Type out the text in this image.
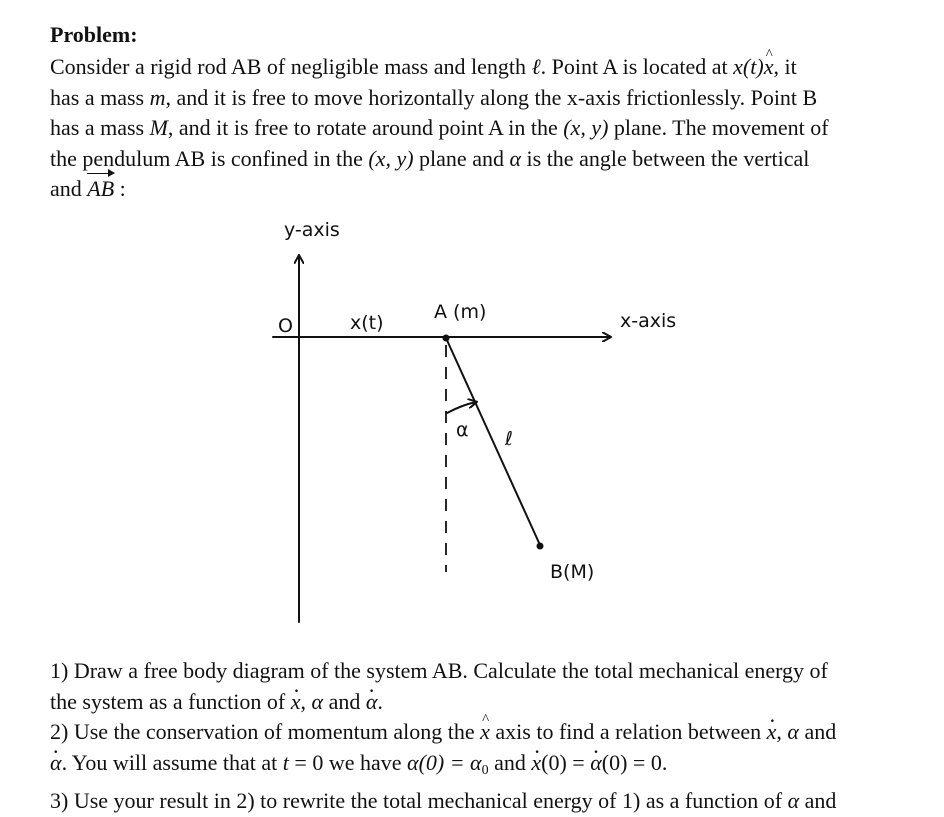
Problem:

Consider a rigid rod AB of negligible mass and length ℓ. Point A is located at x(t)x ^, it
has a mass m, and it is free to move horizontally along the x-axis frictionlessly. Point B
has a mass M, and it is free to rotate around point A in the (x, y) plane. The movement of
the pendulum AB is confined in the (x, y) plane and α is the angle between the vertical
and AB :

y-axis
O	x(t)	A (m)	x-axis
α ℓ
B(M)

1) Draw a free body diagram of the system AB. Calculate the total mechanical energy of
the system as a function of x ., α and α ..
2) Use the conservation of momentum along the x ^ axis to find a relation between x ., α and
α .. You will assume that at t = 0 we have $\alpha(0) = \alpha_0$ and x .(0) = α .(0) = 0.
3) Use your result in 2) to rewrite the total mechanical energy of 1) as a function of α and
